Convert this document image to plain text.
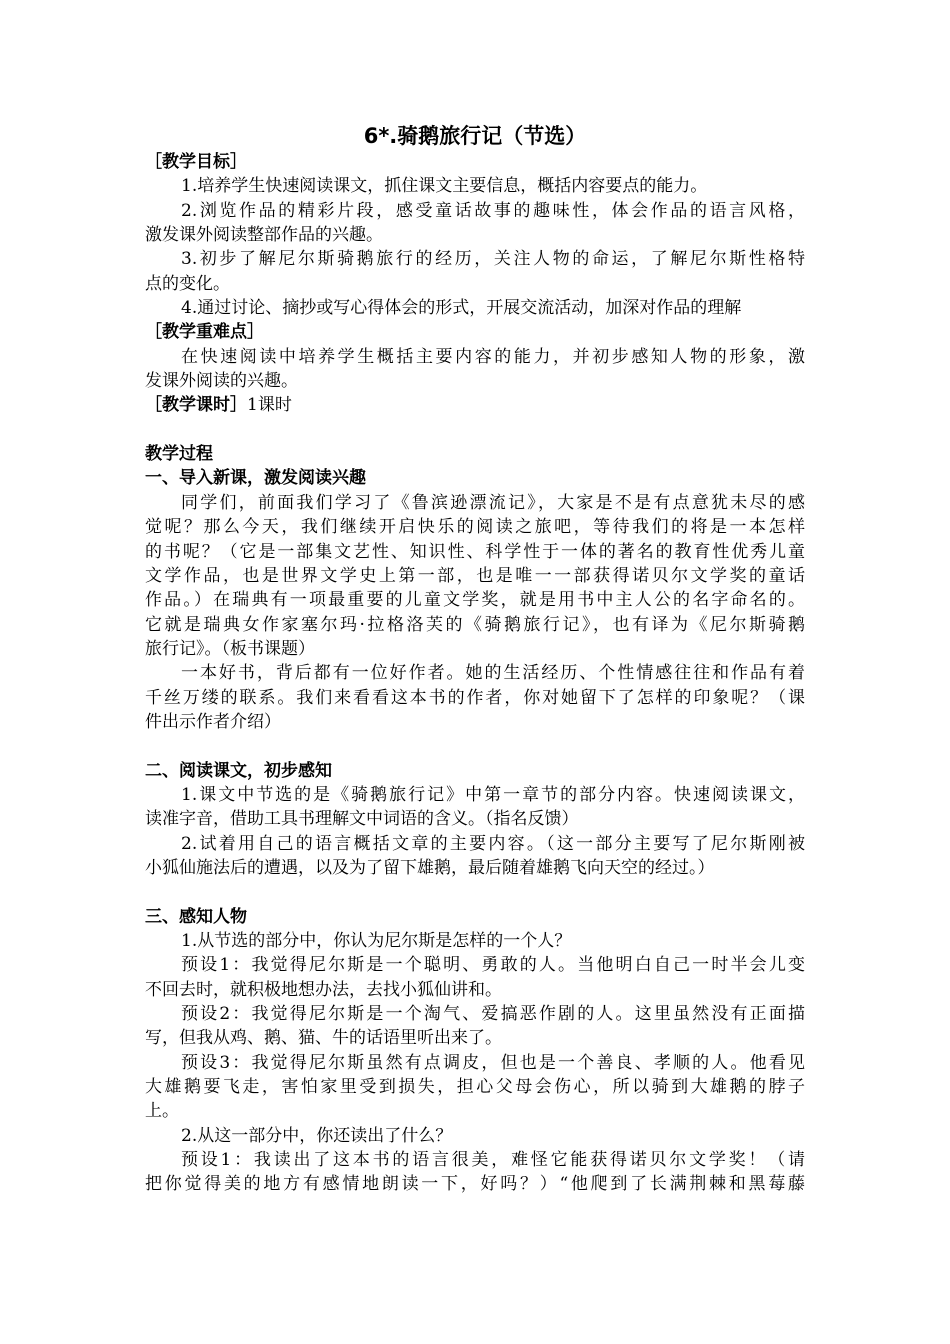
6*.骑鹅旅行记（节选）
［教学目标］
1.培养学生快速阅读课文，抓住课文主要信息，概括内容要点的能力。
2.浏览作品的精彩片段，感受童话故事的趣味性，体会作品的语言风格，
激发课外阅读整部作品的兴趣。
3.初步了解尼尔斯骑鹅旅行的经历，关注人物的命运，了解尼尔斯性格特
点的变化。
4.通过讨论、摘抄或写心得体会的形式，开展交流活动，加深对作品的理解
［教学重难点］
在快速阅读中培养学生概括主要内容的能力，并初步感知人物的形象，激
发课外阅读的兴趣。
［教学课时］1课时
教学过程
一、导入新课，激发阅读兴趣
同学们，前面我们学习了《鲁滨逊漂流记》，大家是不是有点意犹未尽的感
觉呢？那么今天，我们继续开启快乐的阅读之旅吧，等待我们的将是一本怎样
的书呢？（它是一部集文艺性、知识性、科学性于一体的著名的教育性优秀儿童
文学作品，也是世界文学史上第一部，也是唯一一部获得诺贝尔文学奖的童话
作品。）在瑞典有一项最重要的儿童文学奖，就是用书中主人公的名字命名的。
它就是瑞典女作家塞尔玛·拉格洛芙的《骑鹅旅行记》，也有译为《尼尔斯骑鹅
旅行记》。（板书课题）
一本好书，背后都有一位好作者。她的生活经历、个性情感往往和作品有着
千丝万缕的联系。我们来看看这本书的作者，你对她留下了怎样的印象呢？（课
件出示作者介绍）
二、阅读课文，初步感知
1.课文中节选的是《骑鹅旅行记》中第一章节的部分内容。快速阅读课文，
读准字音，借助工具书理解文中词语的含义。（指名反馈）
2.试着用自己的语言概括文章的主要内容。（这一部分主要写了尼尔斯刚被
小狐仙施法后的遭遇，以及为了留下雄鹅，最后随着雄鹅飞向天空的经过。）
三、感知人物
1.从节选的部分中，你认为尼尔斯是怎样的一个人？
预设1：我觉得尼尔斯是一个聪明、勇敢的人。当他明白自己一时半会儿变
不回去时，就积极地想办法，去找小狐仙讲和。
预设2：我觉得尼尔斯是一个淘气、爱搞恶作剧的人。这里虽然没有正面描
写，但我从鸡、鹅、猫、牛的话语里听出来了。
预设3：我觉得尼尔斯虽然有点调皮，但也是一个善良、孝顺的人。他看见
大雄鹅要飞走，害怕家里受到损失，担心父母会伤心，所以骑到大雄鹅的脖子
上。
2.从这一部分中，你还读出了什么？
预设1：我读出了这本书的语言很美，难怪它能获得诺贝尔文学奖！（请
把你觉得美的地方有感情地朗读一下，好吗？）“他爬到了长满荆棘和黑莓藤
